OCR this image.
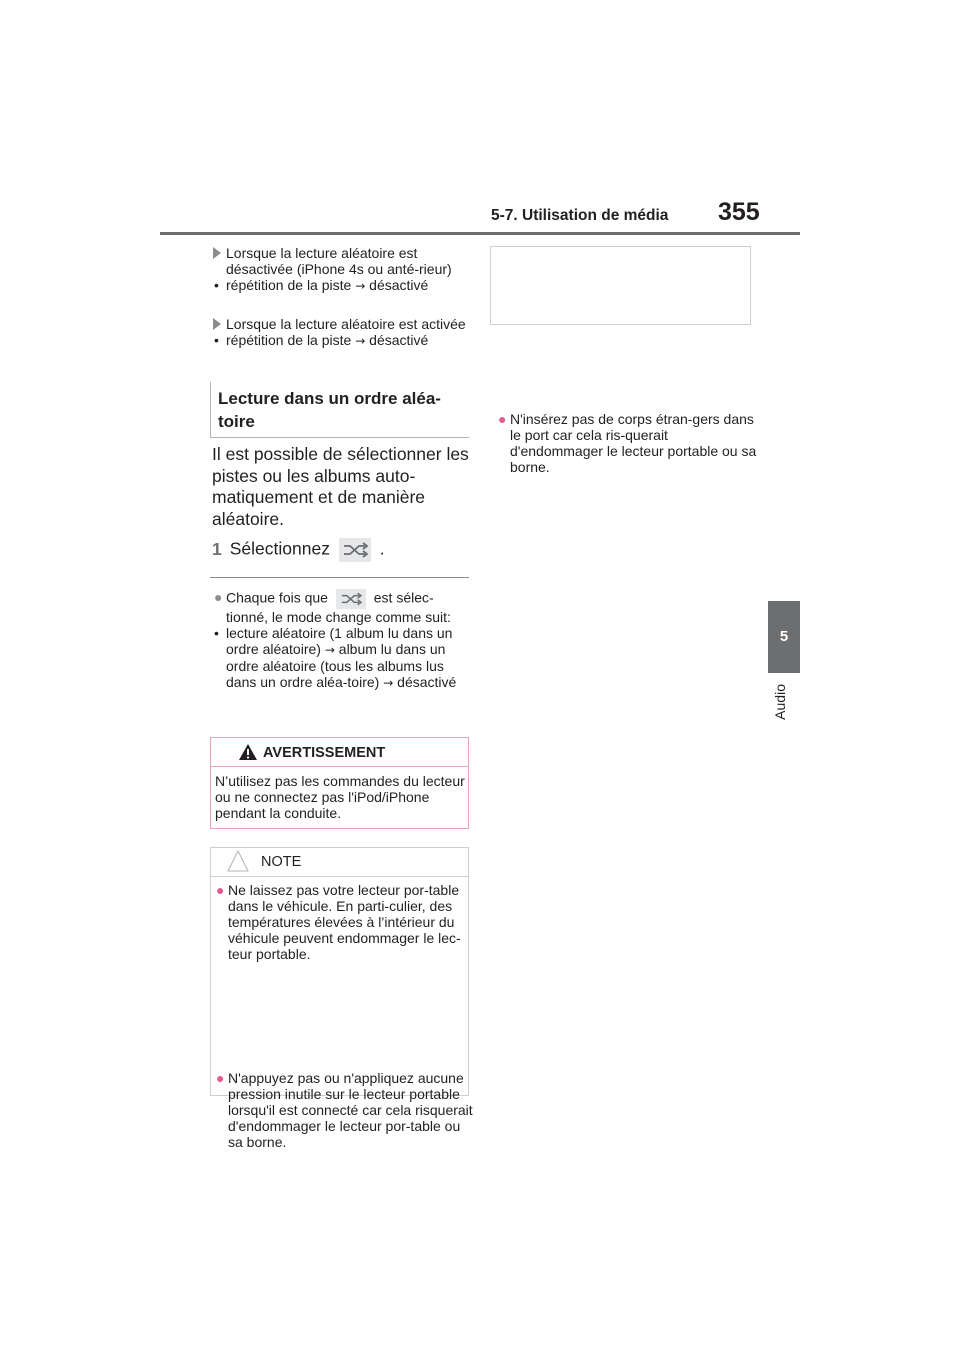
5-7. Utilisation de média 355
5
Audio
Lorsque la lecture aléatoire est désactivée (iPhone 4s ou anté-rieur)
• répétition de la piste → désactivé
Lorsque la lecture aléatoire est activée
• répétition de la piste → désactivé
Lecture dans un ordre aléa-toire
Il est possible de sélectionner les pistes ou les albums auto-matiquement et de manière aléatoire.
1 Sélectionnez	.
● Chaque fois que	est sélec-tionné, le mode change comme suit:
• lecture aléatoire (1 album lu dans un ordre aléatoire) → album lu dans un ordre aléatoire (tous les albums lus dans un ordre aléa-toire) → désactivé
AVERTISSEMENT
N’utilisez pas les commandes du lecteur ou ne connectez pas l'iPod/iPhone pendant la conduite.
NOTE
● Ne laissez pas votre lecteur por-table dans le véhicule. En parti-culier, des températures élevées à l’intérieur du véhicule peuvent endommager le lec-teur portable.
● N'appuyez pas ou n'appliquez aucune pression inutile sur le lecteur portable lorsqu'il est connecté car cela risquerait d'endommager le lecteur por-table ou sa borne.
● N'insérez pas de corps étran-gers dans le port car cela ris-querait d'endommager le lecteur portable ou sa borne.
